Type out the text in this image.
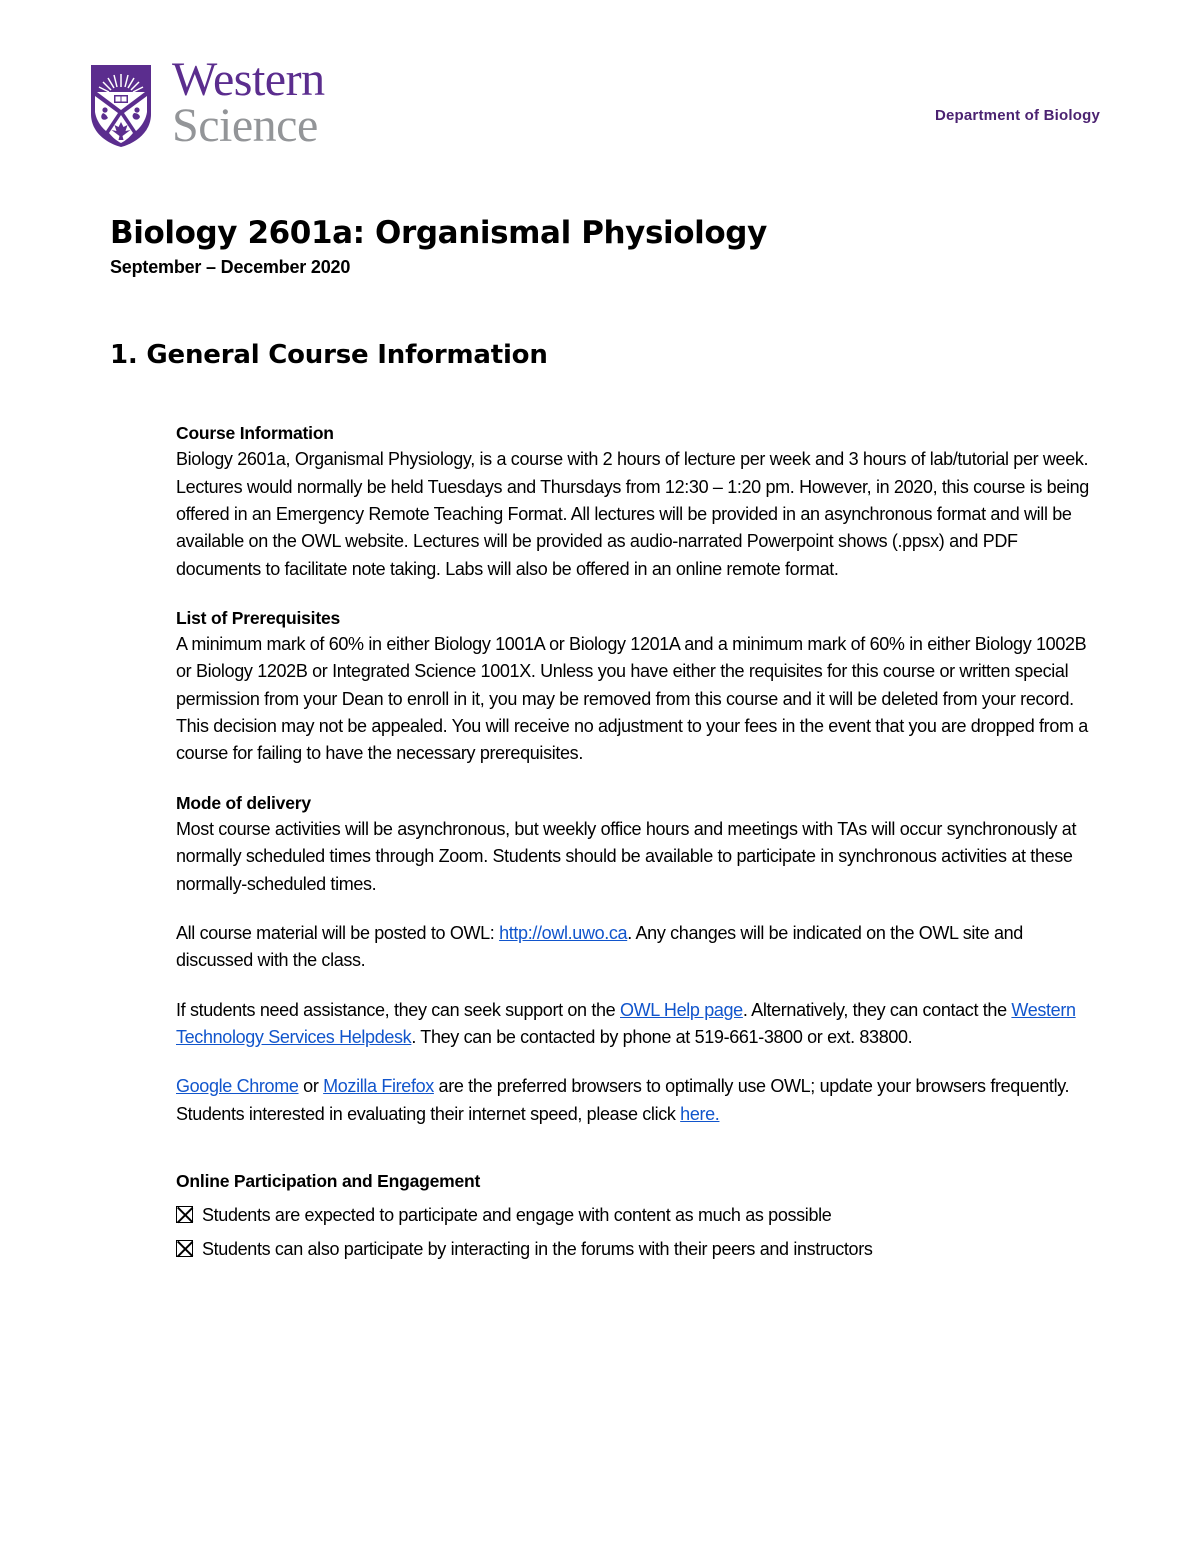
Western
Science	Department of Biology
Biology 2601a: Organismal Physiology
September – December 2020
1. General Course Information
Course Information

Biology 2601a, Organismal Physiology, is a course with 2 hours of lecture per week and 3 hours of lab/tutorial per week. Lectures would normally be held Tuesdays and Thursdays from 12:30 – 1:20 pm. However, in 2020, this course is being offered in an Emergency Remote Teaching Format. All lectures will be provided in an asynchronous format and will be available on the OWL website. Lectures will be provided as audio-narrated Powerpoint shows (.ppsx) and PDF documents to facilitate note taking. Labs will also be offered in an online remote format.

List of Prerequisites

A minimum mark of 60% in either Biology 1001A or Biology 1201A and a minimum mark of 60% in either Biology 1002B or Biology 1202B or Integrated Science 1001X. Unless you have either the requisites for this course or written special permission from your Dean to enroll in it, you may be removed from this course and it will be deleted from your record. This decision may not be appealed. You will receive no adjustment to your fees in the event that you are dropped from a course for failing to have the necessary prerequisites.

Mode of delivery

Most course activities will be asynchronous, but weekly office hours and meetings with TAs will occur synchronously at normally scheduled times through Zoom. Students should be available to participate in synchronous activities at these normally-scheduled times.

All course material will be posted to OWL: http://owl.uwo.ca. Any changes will be indicated on the OWL site and discussed with the class.

If students need assistance, they can seek support on the OWL Help page. Alternatively, they can contact the Western Technology Services Helpdesk. They can be contacted by phone at 519-661-3800 or ext. 83800.

Google Chrome or Mozilla Firefox are the preferred browsers to optimally use OWL; update your browsers frequently. Students interested in evaluating their internet speed, please click here.

Online Participation and Engagement
Students are expected to participate and engage with content as much as possible
Students can also participate by interacting in the forums with their peers and instructors
